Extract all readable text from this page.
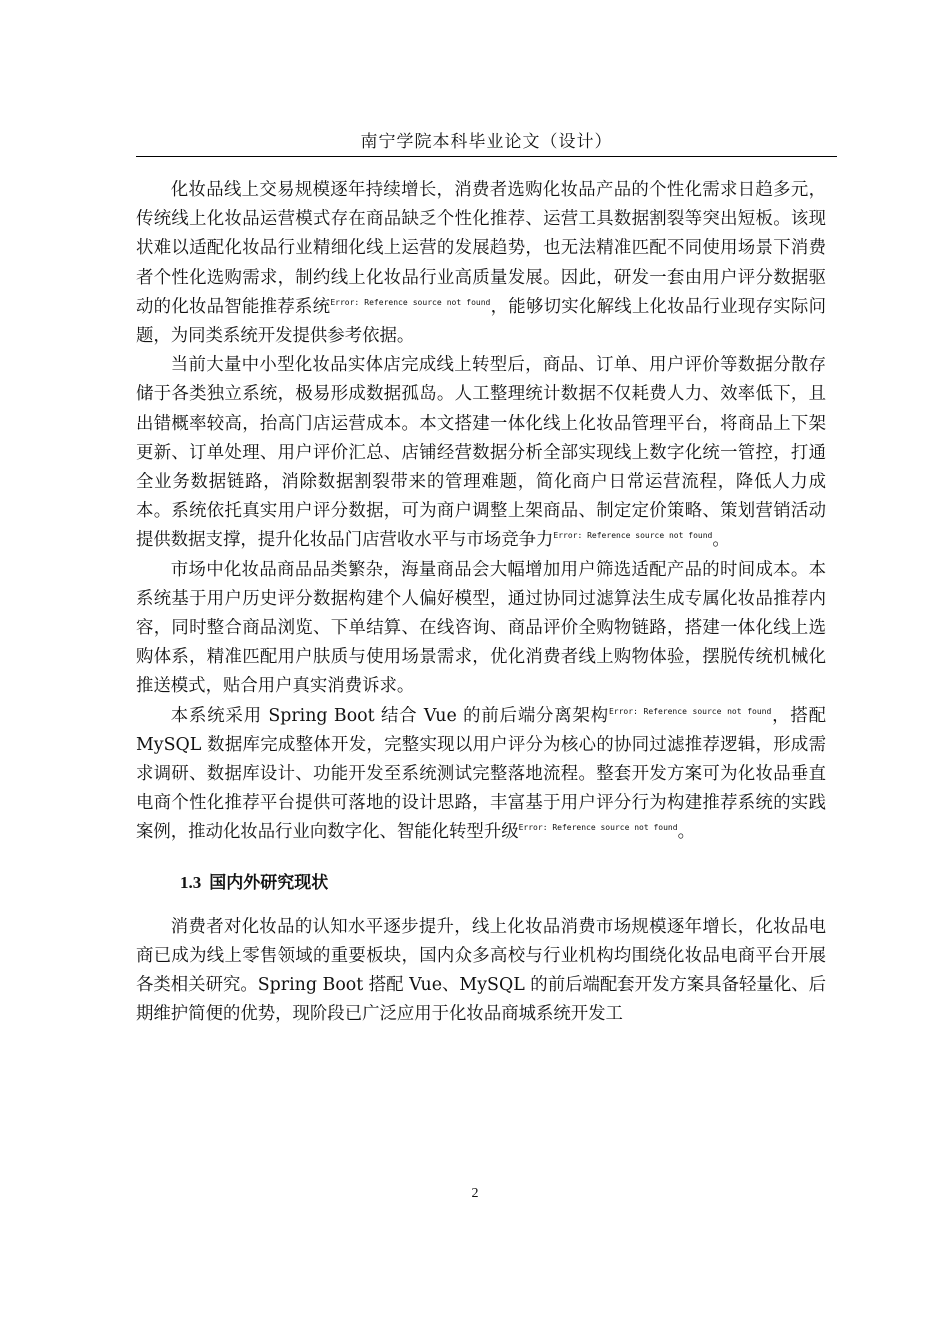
南宁学院本科毕业论文（设计）

化妆品线上交易规模逐年持续增长，消费者选购化妆品产品的个性化需求日趋多元，传统线上化妆品运营模式存在商品缺乏个性化推荐、运营工具数据割裂等突出短板。该现状难以适配化妆品行业精细化线上运营的发展趋势，也无法精准匹配不同使用场景下消费者个性化选购需求，制约线上化妆品行业高质量发展。因此，研发一套由用户评分数据驱动的化妆品智能推荐系统$^{Error: Reference source not found}$，能够切实化解线上化妆品行业现存实际问题，为同类系统开发提供参考依据。

当前大量中小型化妆品实体店完成线上转型后，商品、订单、用户评价等数据分散存储于各类独立系统，极易形成数据孤岛。人工整理统计数据不仅耗费人力、效率低下，且出错概率较高，抬高门店运营成本。本文搭建一体化线上化妆品管理平台，将商品上下架更新、订单处理、用户评价汇总、店铺经营数据分析全部实现线上数字化统一管控，打通全业务数据链路，消除数据割裂带来的管理难题，简化商户日常运营流程，降低人力成本。系统依托真实用户评分数据，可为商户调整上架商品、制定定价策略、策划营销活动提供数据支撑，提升化妆品门店营收水平与市场竞争力$^{Error: Reference source not found}$。

市场中化妆品商品品类繁杂，海量商品会大幅增加用户筛选适配产品的时间成本。本系统基于用户历史评分数据构建个人偏好模型，通过协同过滤算法生成专属化妆品推荐内容，同时整合商品浏览、下单结算、在线咨询、商品评价全购物链路，搭建一体化线上选购体系，精准匹配用户肤质与使用场景需求，优化消费者线上购物体验，摆脱传统机械化推送模式，贴合用户真实消费诉求。

本系统采用 Spring Boot 结合 Vue 的前后端分离架构$^{Error: Reference source not found}$，搭配 MySQL 数据库完成整体开发，完整实现以用户评分为核心的协同过滤推荐逻辑，形成需求调研、数据库设计、功能开发至系统测试完整落地流程。整套开发方案可为化妆品垂直电商个性化推荐平台提供可落地的设计思路，丰富基于用户评分行为构建推荐系统的实践案例，推动化妆品行业向数字化、智能化转型升级$^{Error: Reference source not found}$。

1.3 国内外研究现状

消费者对化妆品的认知水平逐步提升，线上化妆品消费市场规模逐年增长，化妆品电商已成为线上零售领域的重要板块，国内众多高校与行业机构均围绕化妆品电商平台开展各类相关研究。Spring Boot 搭配 Vue、MySQL 的前后端配套开发方案具备轻量化、后期维护简便的优势，现阶段已广泛应用于化妆品商城系统开发工

2
